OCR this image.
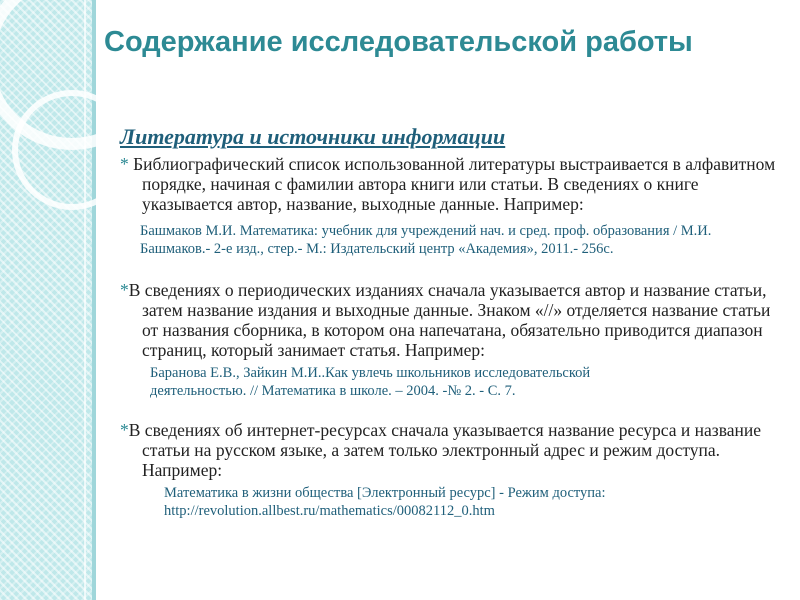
Содержание исследовательской работы
Литература и источники информации

* Библиографический список использованной литературы выстраивается в алфавитном порядке, начиная с фамилии автора книги или статьи. В сведениях о книге указывается автор, название, выходные данные. Например:

Башмаков М.И. Математика: учебник для учреждений нач. и сред. проф. образования / М.И.
Башмаков.- 2-е изд., стер.- М.: Издательский центр «Академия», 2011.- 256с.

*В сведениях о периодических изданиях сначала указывается автор и название статьи, затем название издания и выходные данные. Знаком «//» отделяется название статьи от названия сборника, в котором она напечатана, обязательно приводится диапазон страниц, который занимает статья. Например:

Баранова Е.В., Зайкин М.И..Как увлечь школьников исследовательской
деятельностью. // Математика в школе. – 2004. -№ 2. - С. 7.

*В сведениях об интернет-ресурсах сначала указывается название ресурса и название статьи на русском языке, а затем только электронный адрес и режим доступа. Например:

Математика в жизни общества [Электронный ресурс] - Режим доступа:
http://revolution.allbest.ru/mathematics/00082112_0.htm
